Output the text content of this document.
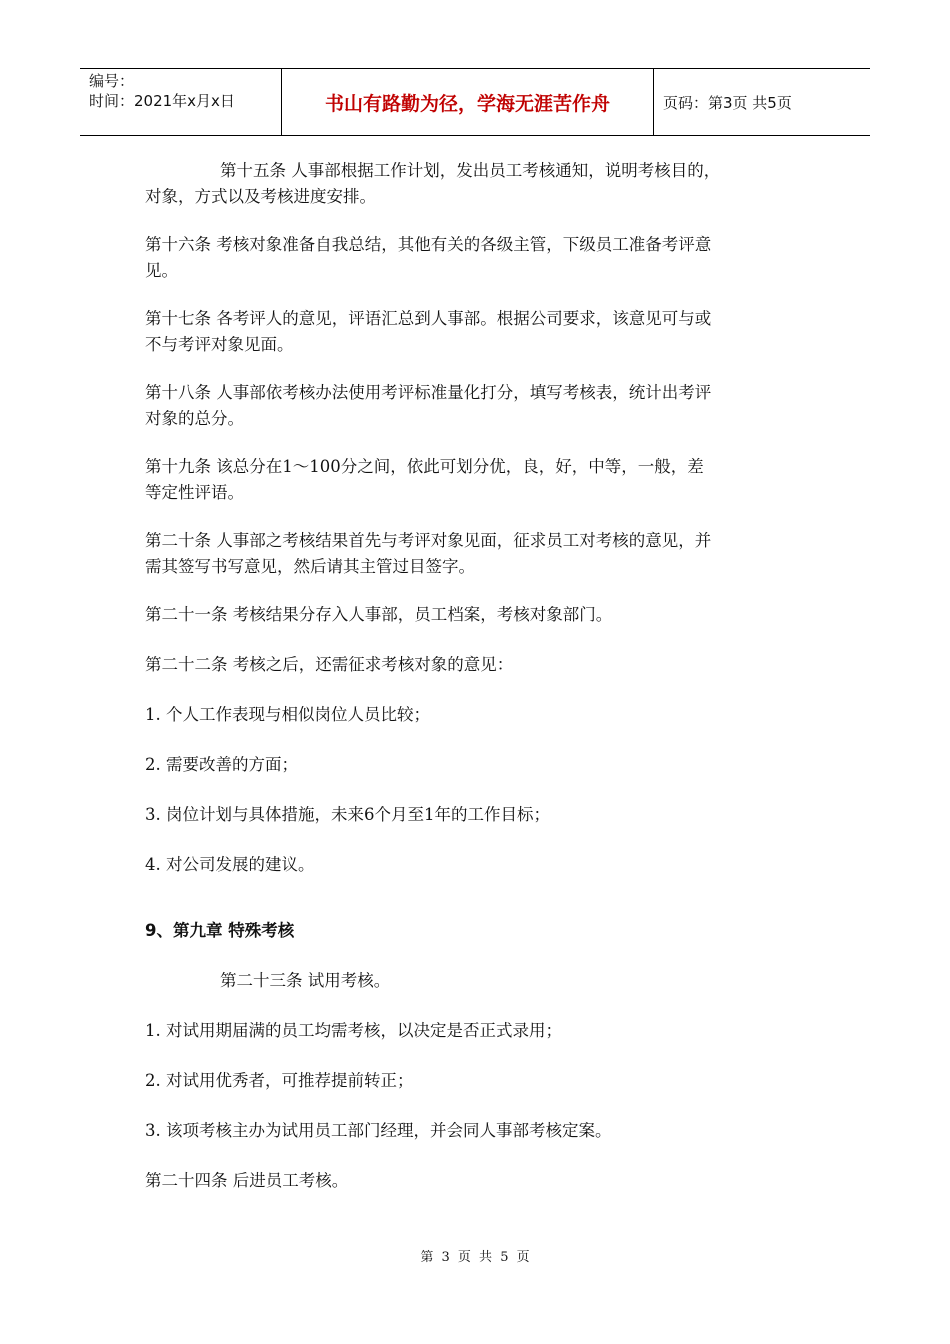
编号：
时间：2021年x月x日	书山有路勤为径，学海无涯苦作舟	页码：第3页 共5页

第十五条 人事部根据工作计划，发出员工考核通知，说明考核目的，

对象，方式以及考核进度安排。

第十六条 考核对象准备自我总结，其他有关的各级主管，下级员工准备考评意

见。

第十七条 各考评人的意见，评语汇总到人事部。根据公司要求，该意见可与或

不与考评对象见面。

第十八条 人事部依考核办法使用考评标准量化打分，填写考核表，统计出考评

对象的总分。

第十九条 该总分在1～100分之间，依此可划分优，良，好，中等，一般，差

等定性评语。

第二十条 人事部之考核结果首先与考评对象见面，征求员工对考核的意见，并

需其签写书写意见，然后请其主管过目签字。

第二十一条 考核结果分存入人事部，员工档案，考核对象部门。

第二十二条 考核之后，还需征求考核对象的意见：

1. 个人工作表现与相似岗位人员比较；

2. 需要改善的方面；

3. 岗位计划与具体措施，未来6个月至1年的工作目标；

4. 对公司发展的建议。

9、第九章 特殊考核

第二十三条 试用考核。

1. 对试用期届满的员工均需考核，以决定是否正式录用；

2. 对试用优秀者，可推荐提前转正；

3. 该项考核主办为试用员工部门经理，并会同人事部考核定案。

第二十四条 后进员工考核。

第 3 页 共 5 页
